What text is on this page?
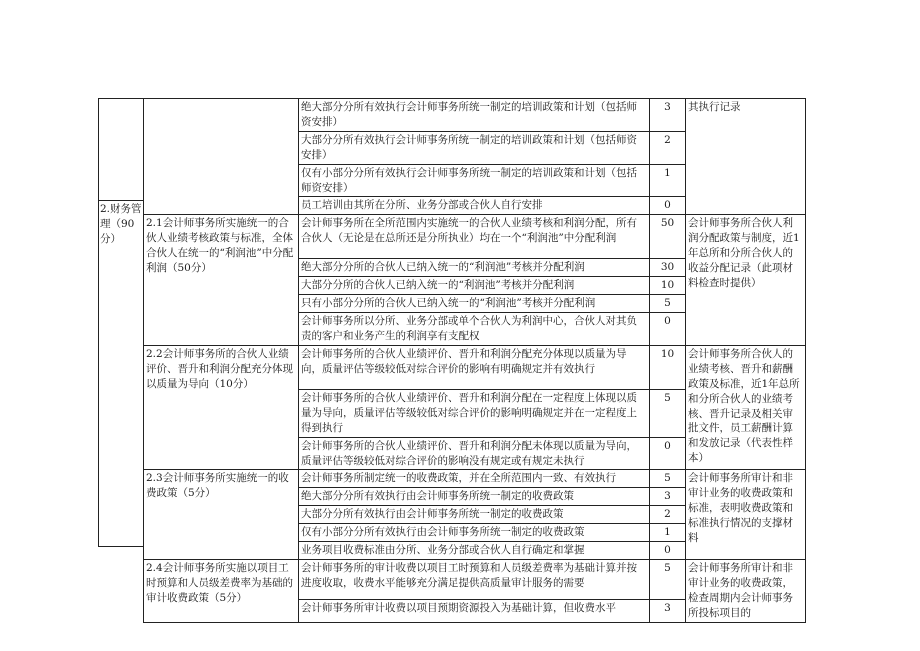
2.财务管理（90分）
	绝大部分分所有效执行会计师事务所统一制定的培训政策和计划（包括师资安排）	3	其执行记录
	大部分分所有效执行会计师事务所统一制定的培训政策和计划（包括师资安排）	2	
	仅有小部分分所有效执行会计师事务所统一制定的培训政策和计划（包括师资安排）	1	
	员工培训由其所在分所、业务分部或合伙人自行安排	0	
2.1会计师事务所实施统一的合伙人业绩考核政策与标准，全体合伙人在统一的“利润池”中分配利润（50分）	会计师事务所在全所范围内实施统一的合伙人业绩考核和利润分配，所有合伙人（无论是在总所还是分所执业）均在一个“利润池”中分配利润	50	会计师事务所合伙人利润分配政策与制度，近1年总所和分所合伙人的收益分配记录（此项材料检查时提供）
	绝大部分分所的合伙人已纳入统一的“利润池”考核并分配利润	30	
	大部分分所的合伙人已纳入统一的“利润池”考核并分配利润	10	
	只有小部分分所的合伙人已纳入统一的“利润池”考核并分配利润	5	
	会计师事务所以分所、业务分部或单个合伙人为利润中心，合伙人对其负责的客户和业务产生的利润享有支配权	0	
2.2会计师事务所的合伙人业绩评价、晋升和利润分配充分体现以质量为导向（10分）	会计师事务所的合伙人业绩评价、晋升和利润分配充分体现以质量为导向，质量评估等级较低对综合评价的影响有明确规定并有效执行	10	会计师事务所合伙人的业绩考核、晋升和薪酬政策及标准，近1年总所和分所合伙人的业绩考核、晋升记录及相关审批文件，员工薪酬计算和发放记录（代表性样本）
	会计师事务所的合伙人业绩评价、晋升和利润分配在一定程度上体现以质量为导向，质量评估等级较低对综合评价的影响明确规定并在一定程度上得到执行	5	
	会计师事务所的合伙人业绩评价、晋升和利润分配未体现以质量为导向，质量评估等级较低对综合评价的影响没有规定或有规定未执行	0	
2.3会计师事务所实施统一的收费政策（5分）	会计师事务所制定统一的收费政策，并在全所范围内一致、有效执行	5	会计师事务所审计和非审计业务的收费政策和标准，表明收费政策和标准执行情况的支撑材料
	绝大部分分所有效执行由会计师事务所统一制定的收费政策	3	
	大部分分所有效执行由会计师事务所统一制定的收费政策	2	
	仅有小部分分所有效执行由会计师事务所统一制定的收费政策	1	
	业务项目收费标准由分所、业务分部或合伙人自行确定和掌握	0	
2.4会计师事务所实施以项目工时预算和人员级差费率为基础的审计收费政策（5分）	会计师事务所的审计收费以项目工时预算和人员级差费率为基础计算并按进度收取，收费水平能够充分满足提供高质量审计服务的需要	5	会计师事务所审计和非审计业务的收费政策，检查周期内会计师事务所投标项目的
	会计师事务所审计收费以项目预期资源投入为基础计算，但收费水平	3	
